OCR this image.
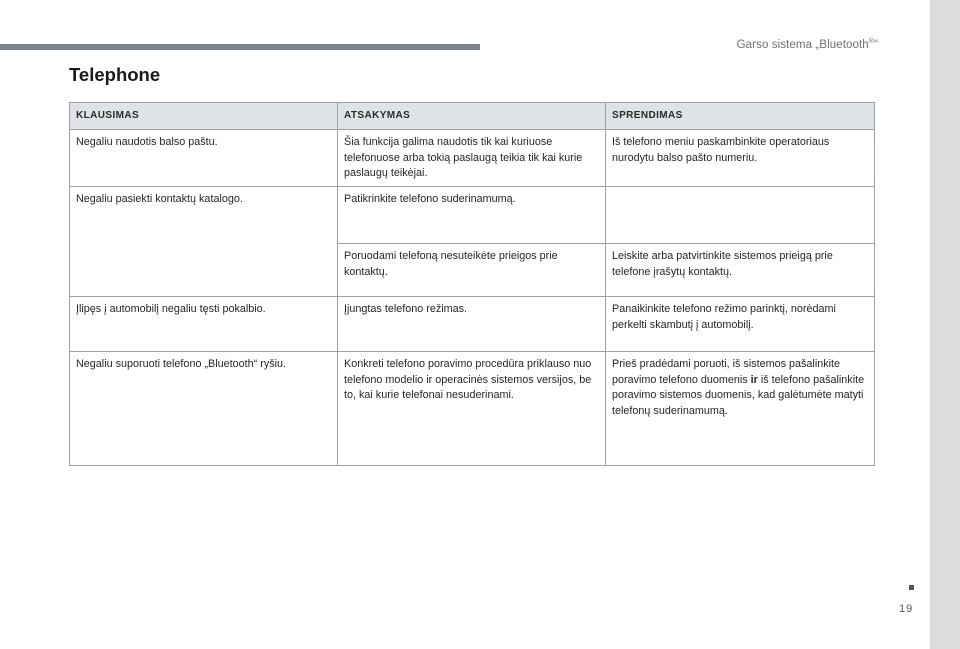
Garso sistema „Bluetooth®“
Telephone
KLAUSIMAS	ATSAKYMAS	SPRENDIMAS
Negaliu naudotis balso paštu.	Šia funkcija galima naudotis tik kai kuriuose telefonuose arba tokią paslaugą teikia tik kai kurie paslaugų teikėjai.	Iš telefono meniu paskambinkite operatoriaus nurodytu balso pašto numeriu.
Negaliu pasiekti kontaktų katalogo.	Patikrinkite telefono suderinamumą.	
	Poruodami telefoną nesuteikėte prieigos prie kontaktų.	Leiskite arba patvirtinkite sistemos prieigą prie telefone įrašytų kontaktų.
Įlipęs į automobilį negaliu tęsti pokalbio.	Įjungtas telefono režimas.	Panaikinkite telefono režimo parinktį, norėdami perkelti skambutį į automobilį.
Negaliu suporuoti telefono „Bluetooth“ ryšiu.	Konkreti telefono poravimo procedūra priklauso nuo telefono modelio ir operacinės sistemos versijos, be to, kai kurie telefonai nesuderinami.	Prieš pradėdami poruoti, iš sistemos pašalinkite poravimo telefono duomenis ir iš telefono pašalinkite poravimo sistemos duomenis, kad galėtumėte matyti telefonų suderinamumą.
19
